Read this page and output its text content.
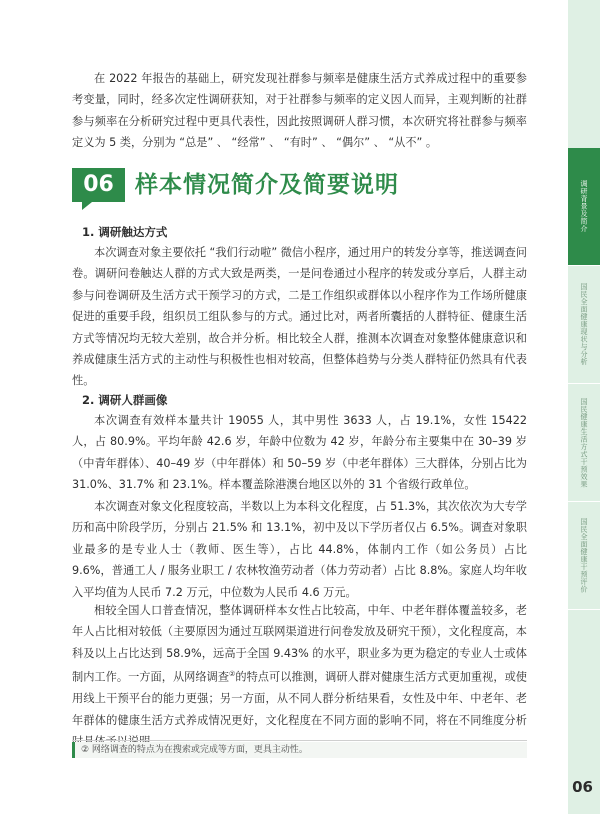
在 2022 年报告的基础上，研究发现社群参与频率是健康生活方式养成过程中的重要参考变量，同时，经多次定性调研获知，对于社群参与频率的定义因人而异，主观判断的社群参与频率在分析研究过程中更具代表性，因此按照调研人群习惯，本次研究将社群参与频率定义为 5 类，分别为 “总是” 、 “经常” 、 “有时” 、 “偶尔” 、 “从不” 。

06 样本情况简介及简要说明
1. 调研触达方式

本次调查对象主要依托 “我们行动啦” 微信小程序，通过用户的转发分享等，推送调查问卷。调研问卷触达人群的方式大致是两类，一是问卷通过小程序的转发或分享后，人群主动参与问卷调研及生活方式干预学习的方式，二是工作组织或群体以小程序作为工作场所健康促进的重要手段，组织员工组队参与的方式。通过比对，两者所囊括的人群特征、健康生活方式等情况均无较大差别，故合并分析。相比较全人群，推测本次调查对象整体健康意识和养成健康生活方式的主动性与积极性也相对较高，但整体趋势与分类人群特征仍然具有代表性。

2. 调研人群画像

本次调查有效样本量共计 19055 人，其中男性 3633 人，占 19.1%，女性 15422 人，占 80.9%。平均年龄 42.6 岁，年龄中位数为 42 岁，年龄分布主要集中在 30–39 岁（中青年群体）、40–49 岁（中年群体）和 50–59 岁（中老年群体）三大群体，分别占比为 31.0%、31.7% 和 23.1%。样本覆盖除港澳台地区以外的 31 个省级行政单位。

本次调查对象文化程度较高，半数以上为本科文化程度，占 51.3%，其次依次为大专学历和高中阶段学历，分别占 21.5% 和 13.1%，初中及以下学历者仅占 6.5%。调查对象职业最多的是专业人士（教师、医生等），占比 44.8%，体制内工作（如公务员）占比 9.6%，普通工人 / 服务业职工 / 农林牧渔劳动者（体力劳动者）占比 8.8%。家庭人均年收入平均值为人民币 7.2 万元，中位数为人民币 4.6 万元。

相较全国人口普查情况，整体调研样本女性占比较高，中年、中老年群体覆盖较多，老年人占比相对较低（主要原因为通过互联网渠道进行问卷发放及研究干预），文化程度高，本科及以上占比达到 58.9%，远高于全国 9.43% 的水平，职业多为更为稳定的专业人士或体制内工作。一方面，从网络调查②的特点可以推测，调研人群对健康生活方式更加重视，或使用线上干预平台的能力更强；另一方面，从不同人群分析结果看，女性及中年、中老年、老年群体的健康生活方式养成情况更好，文化程度在不同方面的影响不同，将在不同维度分析

② 网络调查的特点为在搜索或完成等方面，更具主动性。
调研背景及简介
国民全面健康现状与分析
国民健康生活方式干预效果
国民全面健康干预评价
06
